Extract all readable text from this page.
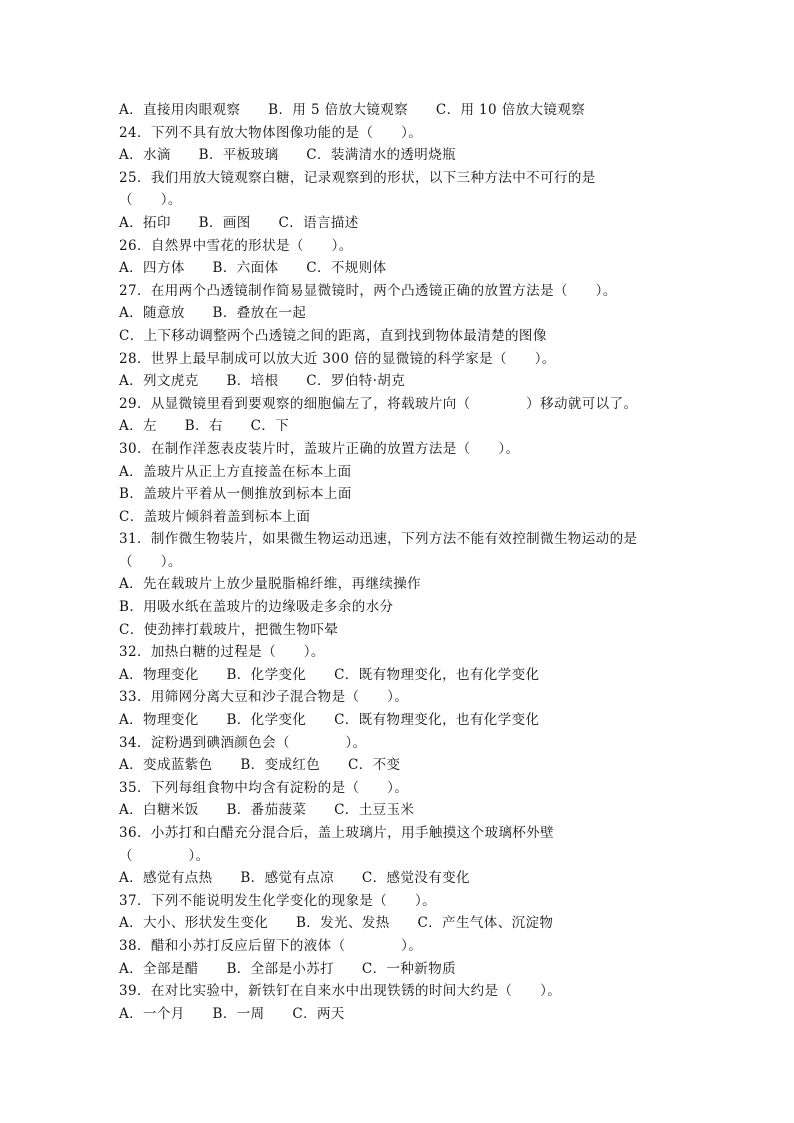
A．直接用肉眼观察　　B．用 5 倍放大镜观察　　C．用 10 倍放大镜观察
24．下列不具有放大物体图像功能的是（　　）。
A．水滴　　B．平板玻璃　　C．装满清水的透明烧瓶
25．我们用放大镜观察白糖，记录观察到的形状，以下三种方法中不可行的是
（　　）。
A．拓印　　B．画图　　C．语言描述
26．自然界中雪花的形状是（　　）。
A．四方体　　B．六面体　　C．不规则体
27．在用两个凸透镜制作简易显微镜时，两个凸透镜正确的放置方法是（　　）。
A．随意放　　B．叠放在一起
C．上下移动调整两个凸透镜之间的距离，直到找到物体最清楚的图像
28．世界上最早制成可以放大近 300 倍的显微镜的科学家是（　　）。
A．列文虎克　　B．培根　　C．罗伯特·胡克
29．从显微镜里看到要观察的细胞偏左了，将载玻片向（　　　　）移动就可以了。
A．左　　B．右　　C．下
30．在制作洋葱表皮装片时，盖玻片正确的放置方法是（　　）。
A．盖玻片从正上方直接盖在标本上面
B．盖玻片平着从一侧推放到标本上面
C．盖玻片倾斜着盖到标本上面
31．制作微生物装片，如果微生物运动迅速，下列方法不能有效控制微生物运动的是
（　　）。
A．先在载玻片上放少量脱脂棉纤维，再继续操作
B．用吸水纸在盖玻片的边缘吸走多余的水分
C．使劲摔打载玻片，把微生物吓晕
32．加热白糖的过程是（　　）。
A．物理变化　　B．化学变化　　C．既有物理变化，也有化学变化
33．用筛网分离大豆和沙子混合物是（　　）。
A．物理变化　　B．化学变化　　C．既有物理变化，也有化学变化
34．淀粉遇到碘酒颜色会（　　　　）。
A．变成蓝紫色　　B．变成红色　　C．不变
35．下列每组食物中均含有淀粉的是（　　）。
A．白糖米饭　　B．番茄菠菜　　C．土豆玉米
36．小苏打和白醋充分混合后，盖上玻璃片，用手触摸这个玻璃杯外壁
（　　　　）。
A．感觉有点热　　B．感觉有点凉　　C．感觉没有变化
37．下列不能说明发生化学变化的现象是（　　）。
A．大小、形状发生变化　　B．发光、发热　　C．产生气体、沉淀物
38．醋和小苏打反应后留下的液体（　　　　）。
A．全部是醋　　B．全部是小苏打　　C．一种新物质
39．在对比实验中，新铁钉在自来水中出现铁锈的时间大约是（　　）。
A．一个月　　B．一周　　C．两天
